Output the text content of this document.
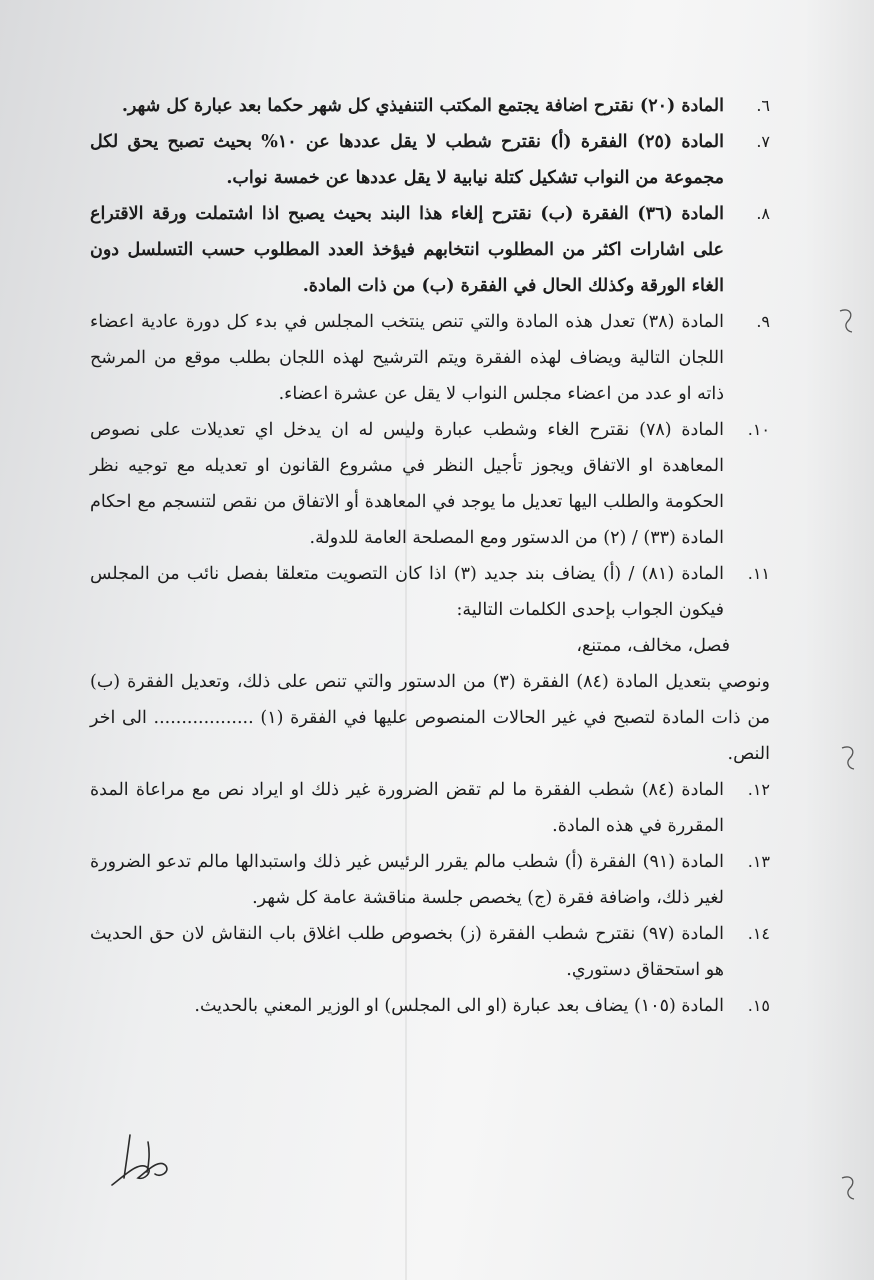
٦.
المادة (٢٠) نقترح اضافة يجتمع المكتب التنفيذي كل شهر حكما بعد عبارة كل شهر.
٧.
المادة (٢٥) الفقرة (أ) نقترح شطب لا يقل عددها عن ١٠% بحيث تصبح يحق لكل مجموعة من النواب تشكيل كتلة نيابية لا يقل عددها عن خمسة نواب.
٨.
المادة (٣٦) الفقرة (ب) نقترح إلغاء هذا البند بحيث يصبح اذا اشتملت ورقة الاقتراع على اشارات اكثر من المطلوب انتخابهم فيؤخذ العدد المطلوب حسب التسلسل دون الغاء الورقة وكذلك الحال في الفقرة (ب) من ذات المادة.
٩.
المادة (٣٨) تعدل هذه المادة والتي تنص ينتخب المجلس في بدء كل دورة عادية اعضاء اللجان التالية ويضاف لهذه الفقرة ويتم الترشيح لهذه اللجان بطلب موقع من المرشح ذاته او عدد من اعضاء مجلس النواب لا يقل عن عشرة اعضاء.
١٠.
المادة (٧٨) نقترح الغاء وشطب عبارة وليس له ان يدخل اي تعديلات على نصوص المعاهدة او الاتفاق ويجوز تأجيل النظر في مشروع القانون او تعديله مع توجيه نظر الحكومة والطلب اليها تعديل ما يوجد في المعاهدة أو الاتفاق من نقص لتنسجم مع احكام المادة (٣٣) / (٢) من الدستور ومع المصلحة العامة للدولة.
١١.
المادة (٨١) / (أ) يضاف بند جديد (٣) اذا كان التصويت متعلقا بفصل نائب من المجلس فيكون الجواب بإحدى الكلمات التالية:
فصل، مخالف، ممتنع،
ونوصي بتعديل المادة (٨٤) الفقرة (٣) من الدستور والتي تنص على ذلك، وتعديل الفقرة (ب) من ذات المادة لتصبح في غير الحالات المنصوص عليها في الفقرة (١) .................. الى اخر النص.
١٢.
المادة (٨٤) شطب الفقرة ما لم تقض الضرورة غير ذلك او ايراد نص مع مراعاة المدة المقررة في هذه المادة.
١٣.
المادة (٩١) الفقرة (أ) شطب مالم يقرر الرئيس غير ذلك واستبدالها مالم تدعو الضرورة لغير ذلك، واضافة فقرة (ج) يخصص جلسة مناقشة عامة كل شهر.
١٤.
المادة (٩٧) نقترح شطب الفقرة (ز) بخصوص طلب اغلاق باب النقاش لان حق الحديث هو استحقاق دستوري.
١٥.
المادة (١٠٥) يضاف بعد عبارة (او الى المجلس) او الوزير المعني بالحديث.
